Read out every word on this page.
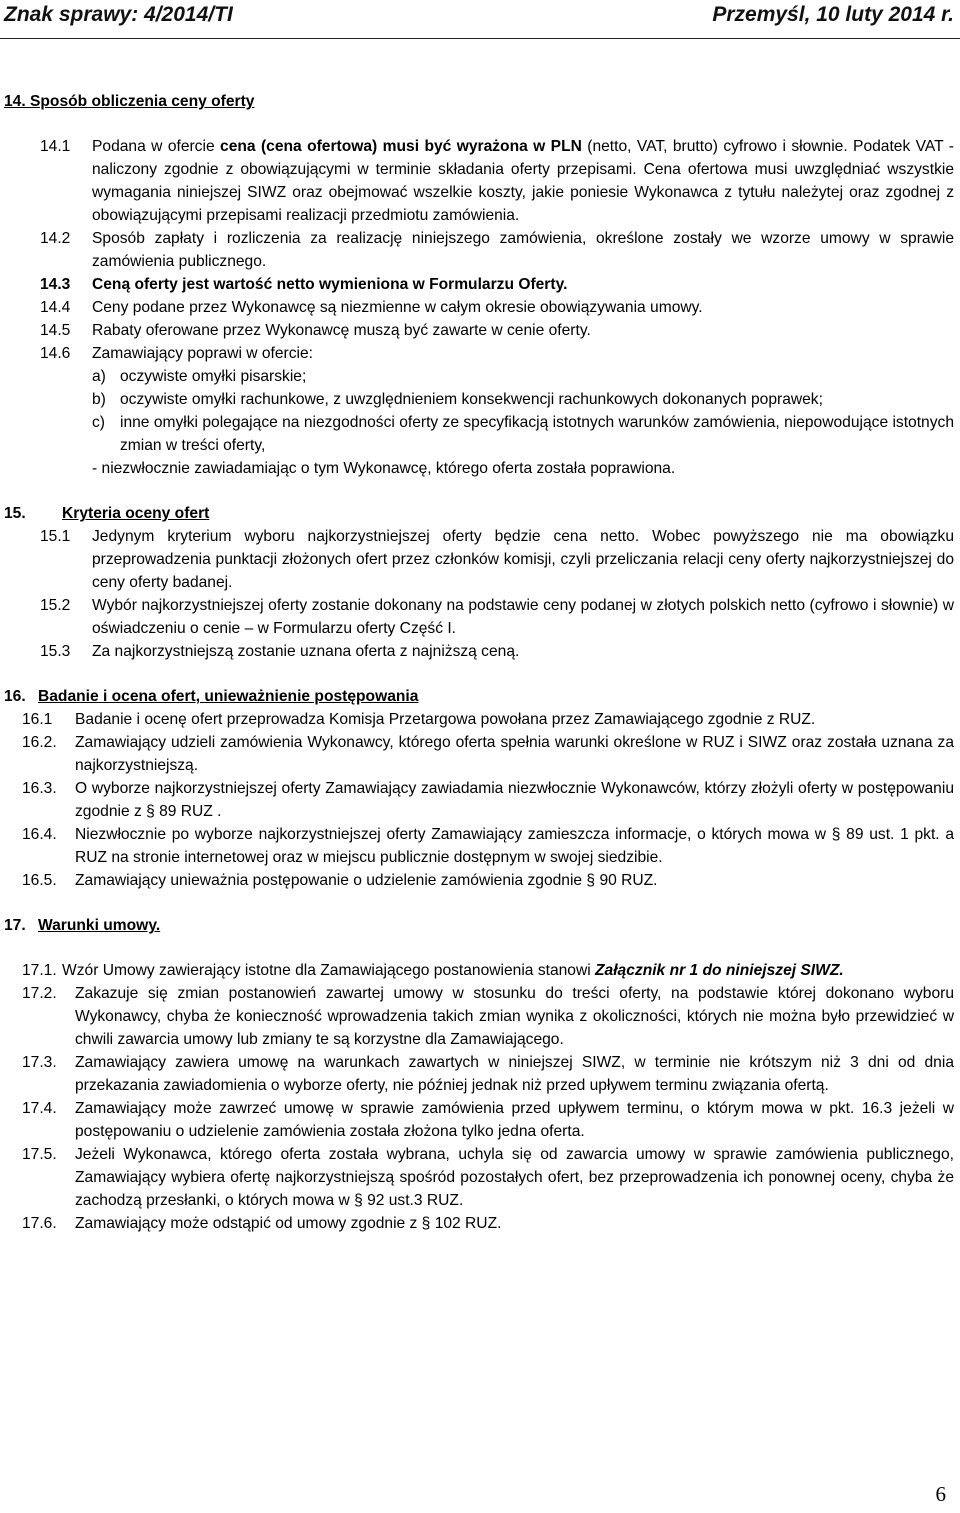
Znak sprawy: 4/2014/TI	Przemyśl, 10 luty 2014 r.
14. Sposób obliczenia ceny oferty
14.1 Podana w ofercie cena (cena ofertowa) musi być wyrażona w PLN (netto, VAT, brutto) cyfrowo i słownie. Podatek VAT - naliczony zgodnie z obowiązującymi w terminie składania oferty przepisami. Cena ofertowa musi uwzględniać wszystkie wymagania niniejszej SIWZ oraz obejmować wszelkie koszty, jakie poniesie Wykonawca z tytułu należytej oraz zgodnej z obowiązującymi przepisami realizacji przedmiotu zamówienia.
14.2 Sposób zapłaty i rozliczenia za realizację niniejszego zamówienia, określone zostały we wzorze umowy w sprawie zamówienia publicznego.
14.3 Ceną oferty jest wartość netto wymieniona w Formularzu Oferty.
14.4 Ceny podane przez Wykonawcę są niezmienne w całym okresie obowiązywania umowy.
14.5 Rabaty oferowane przez Wykonawcę muszą być zawarte w cenie oferty.
14.6 Zamawiający poprawi w ofercie:
a) oczywiste omyłki pisarskie;
b) oczywiste omyłki rachunkowe, z uwzględnieniem konsekwencji rachunkowych dokonanych poprawek;
c) inne omyłki polegające na niezgodności oferty ze specyfikacją istotnych warunków zamówienia, niepowodujące istotnych zmian w treści oferty,
- niezwłocznie zawiadamiając o tym Wykonawcę, którego oferta została poprawiona.
15. Kryteria oceny ofert
15.1 Jedynym kryterium wyboru najkorzystniejszej oferty będzie cena netto. Wobec powyższego nie ma obowiązku przeprowadzenia punktacji złożonych ofert przez członków komisji, czyli przeliczania relacji ceny oferty najkorzystniejszej do ceny oferty badanej.
15.2 Wybór najkorzystniejszej oferty zostanie dokonany na podstawie ceny podanej w złotych polskich netto (cyfrowo i słownie) w oświadczeniu o cenie – w Formularzu oferty Część I.
15.3 Za najkorzystniejszą zostanie uznana oferta z najniższą ceną.
16. Badanie i ocena ofert, unieważnienie postępowania
16.1 Badanie i ocenę ofert przeprowadza Komisja Przetargowa powołana przez Zamawiającego zgodnie z RUZ.
16.2. Zamawiający udzieli zamówienia Wykonawcy, którego oferta spełnia warunki określone w RUZ i SIWZ oraz została uznana za najkorzystniejszą.
16.3. O wyborze najkorzystniejszej oferty Zamawiający zawiadamia niezwłocznie Wykonawców, którzy złożyli oferty w postępowaniu zgodnie z § 89 RUZ .
16.4. Niezwłocznie po wyborze najkorzystniejszej oferty Zamawiający zamieszcza informacje, o których mowa w § 89 ust. 1 pkt. a RUZ na stronie internetowej oraz w miejscu publicznie dostępnym w swojej siedzibie.
16.5. Zamawiający unieważnia postępowanie o udzielenie zamówienia zgodnie § 90 RUZ.
17. Warunki umowy.
17.1. Wzór Umowy zawierający istotne dla Zamawiającego postanowienia stanowi Załącznik nr 1 do niniejszej SIWZ.
17.2. Zakazuje się zmian postanowień zawartej umowy w stosunku do treści oferty, na podstawie której dokonano wyboru Wykonawcy, chyba że konieczność wprowadzenia takich zmian wynika z okoliczności, których nie można było przewidzieć w chwili zawarcia umowy lub zmiany te są korzystne dla Zamawiającego.
17.3. Zamawiający zawiera umowę na warunkach zawartych w niniejszej SIWZ, w terminie nie krótszym niż 3 dni od dnia przekazania zawiadomienia o wyborze oferty, nie później jednak niż przed upływem terminu związania ofertą.
17.4. Zamawiający może zawrzeć umowę w sprawie zamówienia przed upływem terminu, o którym mowa w pkt. 16.3 jeżeli w postępowaniu o udzielenie zamówienia została złożona tylko jedna oferta.
17.5. Jeżeli Wykonawca, którego oferta została wybrana, uchyla się od zawarcia umowy w sprawie zamówienia publicznego, Zamawiający wybiera ofertę najkorzystniejszą spośród pozostałych ofert, bez przeprowadzenia ich ponownej oceny, chyba że zachodzą przesłanki, o których mowa w § 92 ust.3 RUZ.
17.6. Zamawiający może odstąpić od umowy zgodnie z § 102 RUZ.
6
